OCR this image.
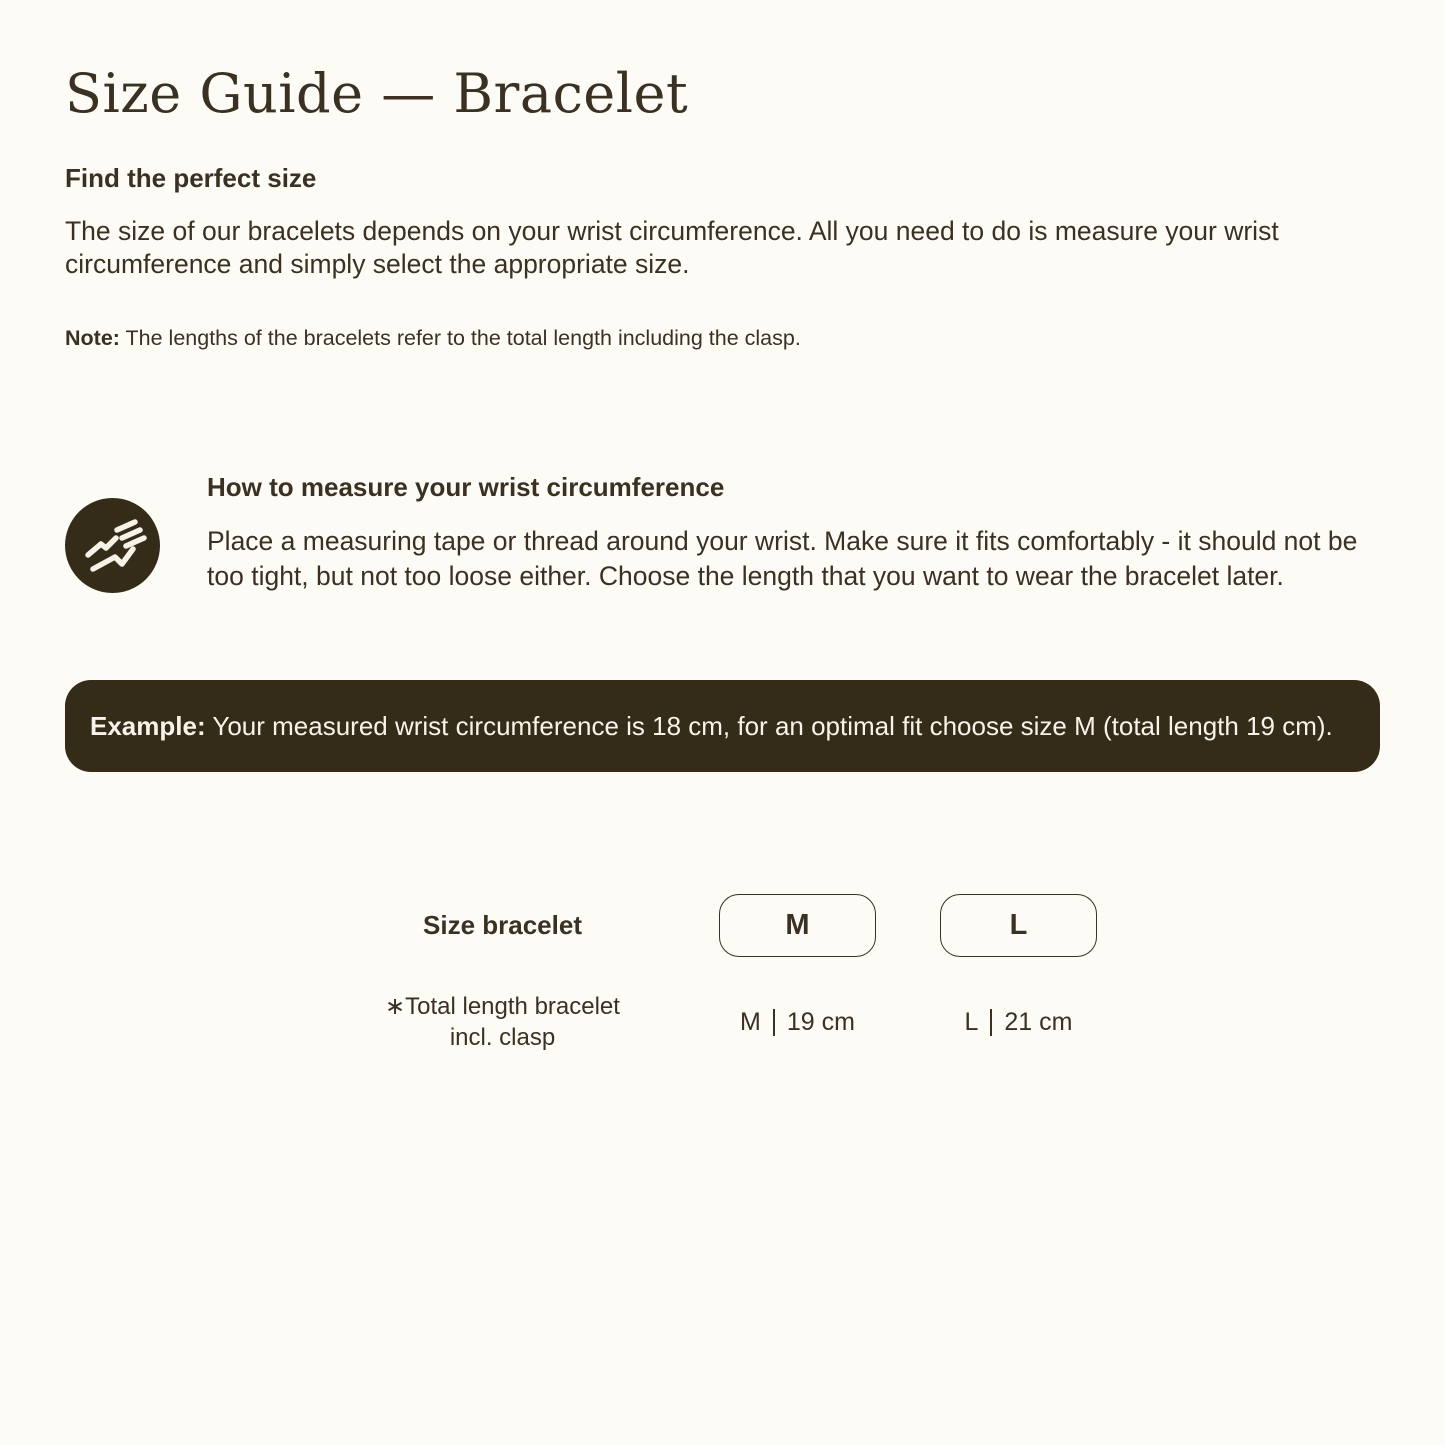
Size Guide — Bracelet
Find the perfect size

The size of our bracelets depends on your wrist circumference. All you need to do is measure your wrist circumference and simply select the appropriate size.

Note: The lengths of the bracelets refer to the total length including the clasp.

How to measure your wrist circumference

Place a measuring tape or thread around your wrist. Make sure it fits comfortably - it should not be too tight, but not too loose either. Choose the length that you want to wear the bracelet later.

Example: Your measured wrist circumference is 18 cm, for an optimal fit choose size M (total length 19 cm).
Size bracelet	M	L
∗Total length bracelet
incl. clasp
M 19 cm	L 21 cm
